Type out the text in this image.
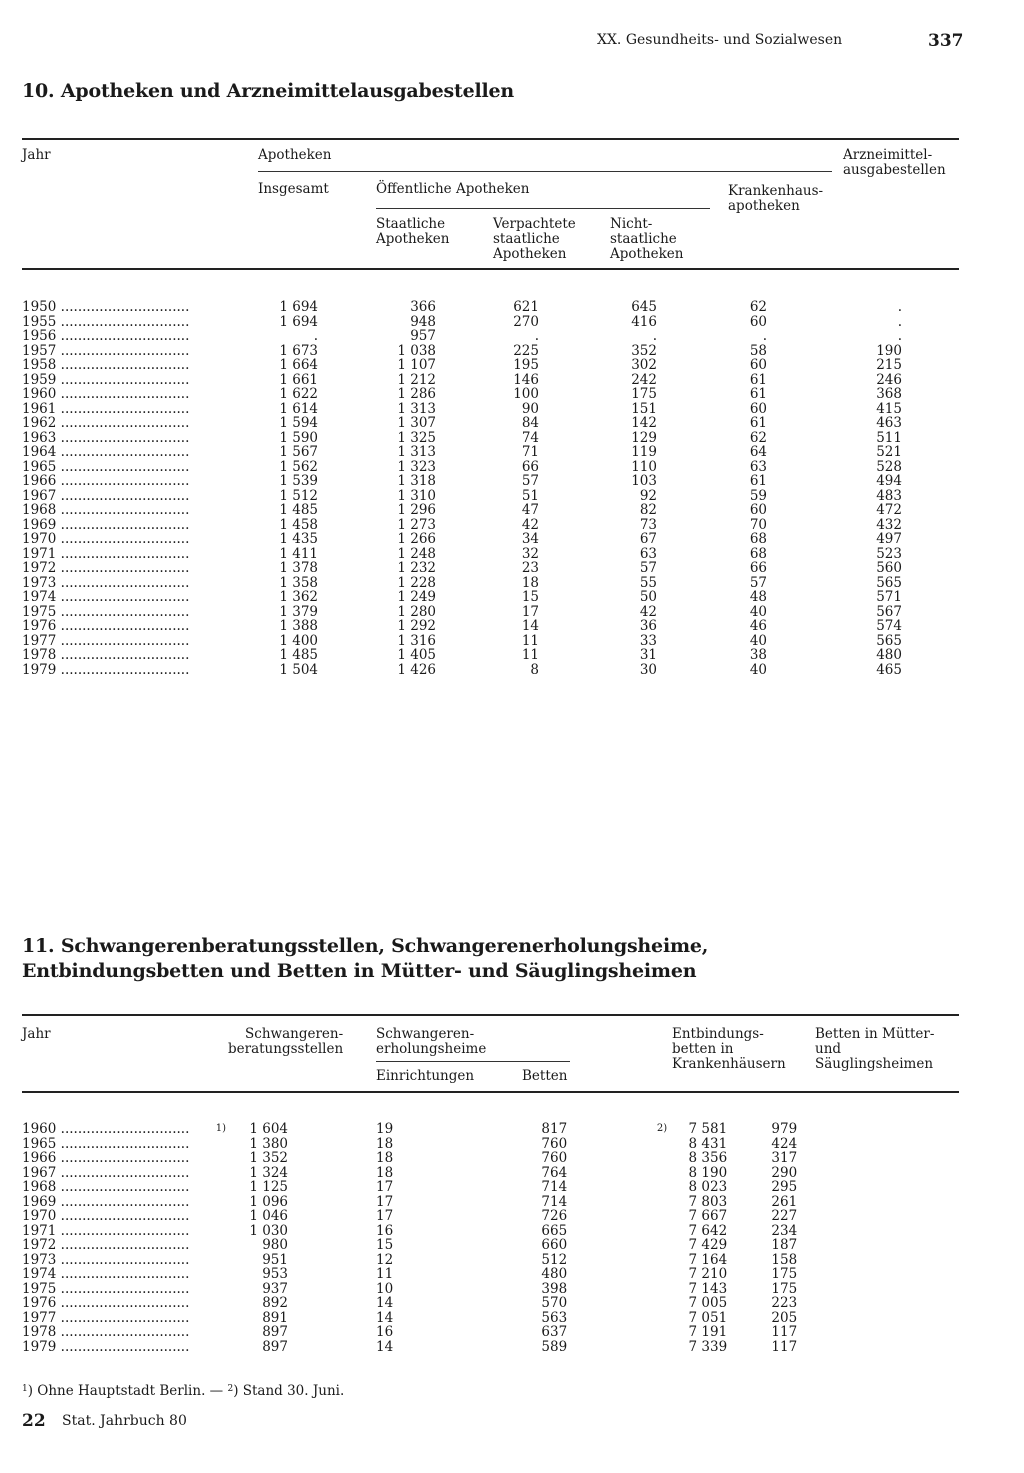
XX. Gesundheits- und Sozialwesen	337
10. Apotheken und Arzneimittelausgabestellen
Jahr	Apotheken
Insgesamt	Öffentliche Apotheken
Staatliche
Apotheken
Verpachtete
staatliche
Apotheken
Nicht-
staatliche
Apotheken
Krankenhaus-
apotheken
Arzneimittel-
ausgabestellen
1950 ..............................	1 694	366	621	645	62	.
1955 ..............................	1 694	948	270	416	60	.
1956 ..............................	.	957	.	.	.	.
1957 ..............................	1 673	1 038	225	352	58	190
1958 ..............................	1 664	1 107	195	302	60	215
1959 ..............................	1 661	1 212	146	242	61	246
1960 ..............................	1 622	1 286	100	175	61	368
1961 ..............................	1 614	1 313	90	151	60	415
1962 ..............................	1 594	1 307	84	142	61	463
1963 ..............................	1 590	1 325	74	129	62	511
1964 ..............................	1 567	1 313	71	119	64	521
1965 ..............................	1 562	1 323	66	110	63	528
1966 ..............................	1 539	1 318	57	103	61	494
1967 ..............................	1 512	1 310	51	92	59	483
1968 ..............................	1 485	1 296	47	82	60	472
1969 ..............................	1 458	1 273	42	73	70	432
1970 ..............................	1 435	1 266	34	67	68	497
1971 ..............................	1 411	1 248	32	63	68	523
1972 ..............................	1 378	1 232	23	57	66	560
1973 ..............................	1 358	1 228	18	55	57	565
1974 ..............................	1 362	1 249	15	50	48	571
1975 ..............................	1 379	1 280	17	42	40	567
1976 ..............................	1 388	1 292	14	36	46	574
1977 ..............................	1 400	1 316	11	33	40	565
1978 ..............................	1 485	1 405	11	31	38	480
1979 ..............................	1 504	1 426	8	30	40	465
11. Schwangerenberatungsstellen, Schwangerenerholungsheime,
Entbindungsbetten und Betten in Mütter- und Säuglingsheimen
Jahr	Schwangeren-
beratungsstellen
Schwangeren-
erholungsheime
Einrichtungen	Betten
Entbindungs-
betten in
Krankenhäusern
Betten in Mütter-
und
Säuglingsheimen
1960 ..............................	1)	1 604	19	817	2)	7 581	979
1965 ..............................		1 380	18	760		8 431	424
1966 ..............................		1 352	18	760		8 356	317
1967 ..............................		1 324	18	764		8 190	290
1968 ..............................		1 125	17	714		8 023	295
1969 ..............................		1 096	17	714		7 803	261
1970 ..............................		1 046	17	726		7 667	227
1971 ..............................		1 030	16	665		7 642	234
1972 ..............................		980	15	660		7 429	187
1973 ..............................		951	12	512		7 164	158
1974 ..............................		953	11	480		7 210	175
1975 ..............................		937	10	398		7 143	175
1976 ..............................		892	14	570		7 005	223
1977 ..............................		891	14	563		7 051	205
1978 ..............................		897	16	637		7 191	117
1979 ..............................		897	14	589		7 339	117
$^1$) Ohne Hauptstadt Berlin. — $^2$) Stand 30. Juni.
22 Stat. Jahrbuch 80
